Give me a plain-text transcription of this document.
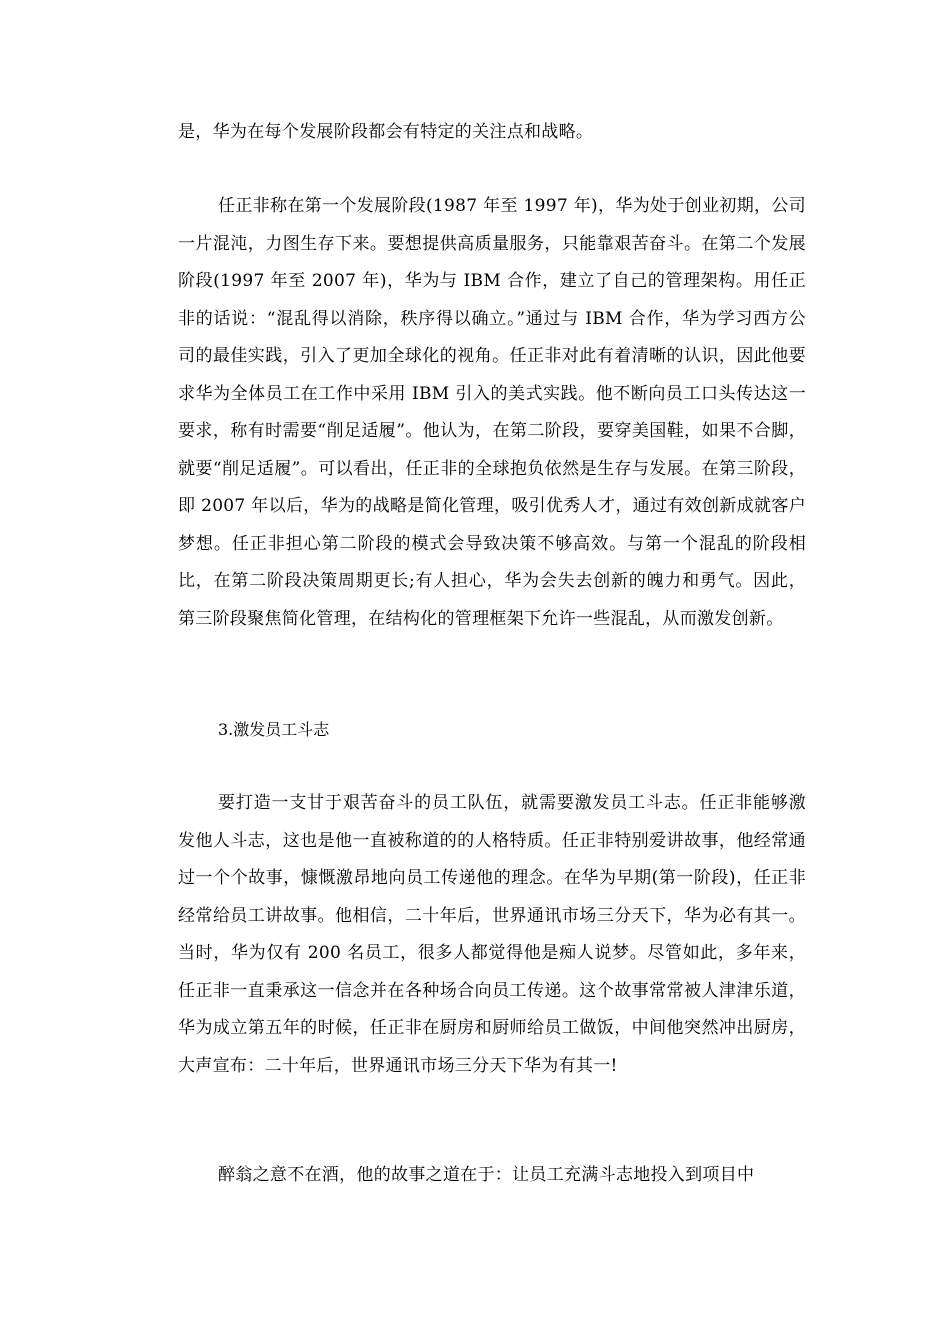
是，华为在每个发展阶段都会有特定的关注点和战略。

任正非称在第一个发展阶段(1987 年至 1997 年)，华为处于创业初期，公司一片混沌，力图生存下来。要想提供高质量服务，只能靠艰苦奋斗。在第二个发展阶段(1997 年至 2007 年)，华为与 IBM 合作，建立了自己的管理架构。用任正非的话说：“混乱得以消除，秩序得以确立。”通过与 IBM 合作，华为学习西方公司的最佳实践，引入了更加全球化的视角。任正非对此有着清晰的认识，因此他要求华为全体员工在工作中采用 IBM 引入的美式实践。他不断向员工口头传达这一要求，称有时需要“削足适履”。他认为，在第二阶段，要穿美国鞋，如果不合脚，就要“削足适履”。可以看出，任正非的全球抱负依然是生存与发展。在第三阶段，即 2007 年以后，华为的战略是简化管理，吸引优秀人才，通过有效创新成就客户梦想。任正非担心第二阶段的模式会导致决策不够高效。与第一个混乱的阶段相比，在第二阶段决策周期更长;有人担心，华为会失去创新的魄力和勇气。因此，第三阶段聚焦简化管理，在结构化的管理框架下允许一些混乱，从而激发创新。

3.激发员工斗志

要打造一支甘于艰苦奋斗的员工队伍，就需要激发员工斗志。任正非能够激发他人斗志，这也是他一直被称道的的人格特质。任正非特别爱讲故事，他经常通过一个个故事，慷慨激昂地向员工传递他的理念。在华为早期(第一阶段)，任正非经常给员工讲故事。他相信，二十年后，世界通讯市场三分天下，华为必有其一。当时，华为仅有 200 名员工，很多人都觉得他是痴人说梦。尽管如此，多年来，任正非一直秉承这一信念并在各种场合向员工传递。这个故事常常被人津津乐道，华为成立第五年的时候，任正非在厨房和厨师给员工做饭，中间他突然冲出厨房，大声宣布：二十年后，世界通讯市场三分天下华为有其一!

醉翁之意不在酒，他的故事之道在于：让员工充满斗志地投入到项目中
